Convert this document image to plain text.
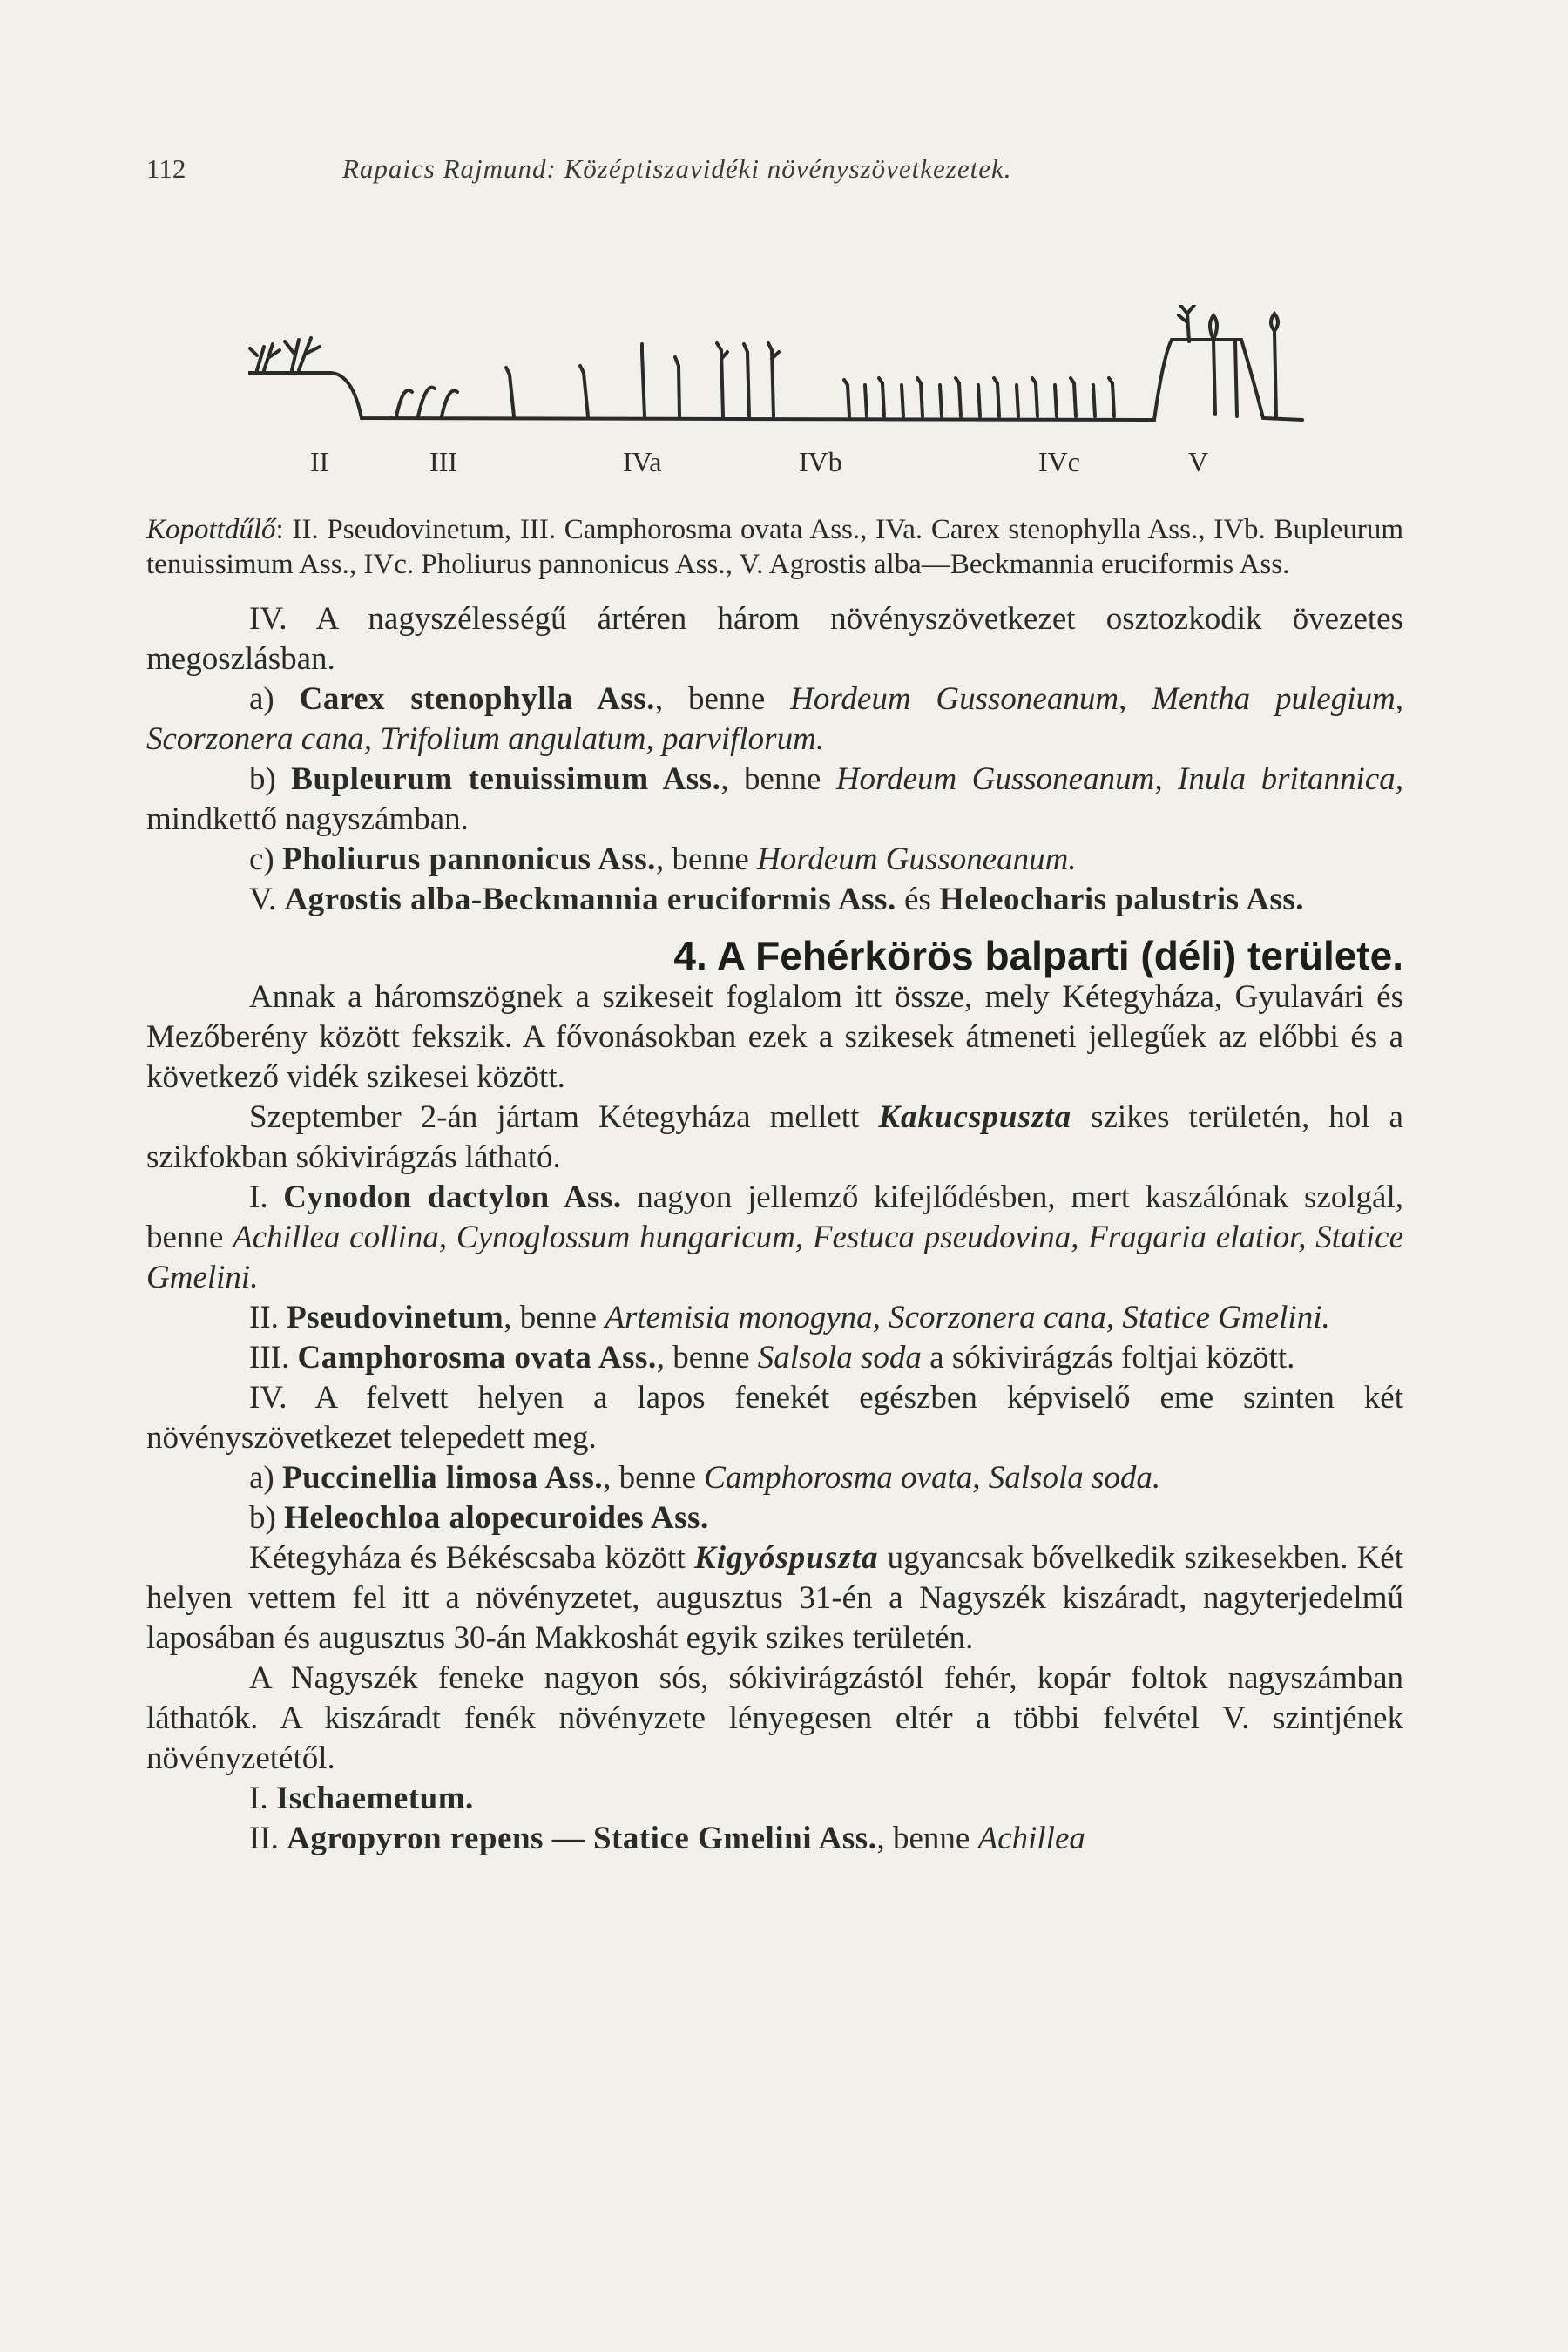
112	Rapaics Rajmund: Középtiszavidéki növényszövetkezetek.
II	III	IVa	IVb	IVc	V

Kopottdűlő: II. Pseudovinetum, III. Camphorosma ovata Ass., IVa. Carex stenophylla Ass., IVb. Bupleurum tenuissimum Ass., IVc. Pholiurus pannonicus Ass., V. Agrostis alba—Beckmannia eruciformis Ass.

IV. A nagyszélességű ártéren három növényszövetkezet osztozkodik övezetes megoszlásban.

a) Carex stenophylla Ass., benne Hordeum Gussoneanum, Mentha pulegium, Scorzonera cana, Trifolium angulatum, parviflorum.

b) Bupleurum tenuissimum Ass., benne Hordeum Gussoneanum, Inula britannica, mindkettő nagyszámban.

c) Pholiurus pannonicus Ass., benne Hordeum Gussoneanum.

V. Agrostis alba-Beckmannia eruciformis Ass. és Heleocharis palustris Ass.

4. A Fehérkörös balparti (déli) területe.

Annak a háromszögnek a szikeseit foglalom itt össze, mely Kétegyháza, Gyulavári és Mezőberény között fekszik. A fővonásokban ezek a szikesek átmeneti jellegűek az előbbi és a következő vidék szikesei között.

Szeptember 2-án jártam Kétegyháza mellett Kakucspuszta szikes területén, hol a szikfokban sókivirágzás látható.

I. Cynodon dactylon Ass. nagyon jellemző kifejlődésben, mert kaszálónak szolgál, benne Achillea collina, Cynoglossum hungaricum, Festuca pseudovina, Fragaria elatior, Statice Gmelini.

II. Pseudovinetum, benne Artemisia monogyna, Scorzonera cana, Statice Gmelini.

III. Camphorosma ovata Ass., benne Salsola soda a sókivirágzás foltjai között.

IV. A felvett helyen a lapos fenekét egészben képviselő eme szinten két növényszövetkezet telepedett meg.

a) Puccinellia limosa Ass., benne Camphorosma ovata, Salsola soda.

b) Heleochloa alopecuroides Ass.

Kétegyháza és Békéscsaba között Kigyóspuszta ugyancsak bővelkedik szikesekben. Két helyen vettem fel itt a növényzetet, augusztus 31-én a Nagyszék kiszáradt, nagyterjedelmű laposában és augusztus 30-án Makkoshát egyik szikes területén.

A Nagyszék feneke nagyon sós, sókivirágzástól fehér, kopár foltok nagyszámban láthatók. A kiszáradt fenék növényzete lényegesen eltér a többi felvétel V. szintjének növényzetétől.

I. Ischaemetum.

II. Agropyron repens — Statice Gmelini Ass., benne Achillea
